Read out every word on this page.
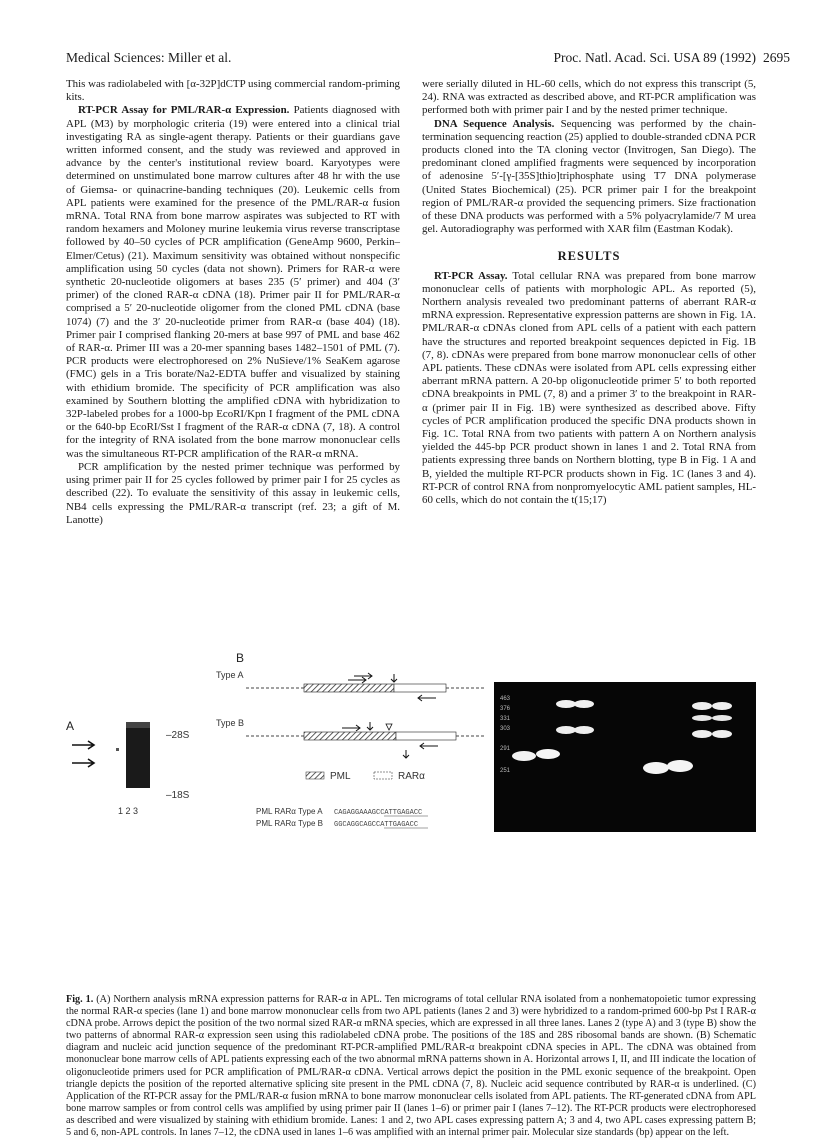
Medical Sciences: Miller et al.	Proc. Natl. Acad. Sci. USA 89 (1992) 2695

This was radiolabeled with [α-32P]dCTP using commercial random-priming kits.

RT-PCR Assay for PML/RAR-α Expression. Patients diagnosed with APL (M3) by morphologic criteria (19) were entered into a clinical trial investigating RA as single-agent therapy. Patients or their guardians gave written informed consent, and the study was reviewed and approved in advance by the center's institutional review board. Karyotypes were determined on unstimulated bone marrow cultures after 48 hr with the use of Giemsa- or quinacrine-banding techniques (20). Leukemic cells from APL patients were examined for the presence of the PML/RAR-α fusion mRNA. Total RNA from bone marrow aspirates was subjected to RT with random hexamers and Moloney murine leukemia virus reverse transcriptase followed by 40–50 cycles of PCR amplification (GeneAmp 9600, Perkin–Elmer/Cetus) (21). Maximum sensitivity was obtained without nonspecific amplification using 50 cycles (data not shown). Primers for RAR-α were synthetic 20-nucleotide oligomers at bases 235 (5′ primer) and 404 (3′ primer) of the cloned RAR-α cDNA (18). Primer pair II for PML/RAR-α comprised a 5′ 20-nucleotide oligomer from the cloned PML cDNA (base 1074) (7) and the 3′ 20-nucleotide primer from RAR-α (base 404) (18). Primer pair I comprised flanking 20-mers at base 997 of PML and base 462 of RAR-α. Primer III was a 20-mer spanning bases 1482–1501 of PML (7). PCR products were electrophoresed on 2% NuSieve/1% SeaKem agarose (FMC) gels in a Tris borate/Na2-EDTA buffer and visualized by staining with ethidium bromide. The specificity of PCR amplification was also examined by Southern blotting the amplified cDNA with hybridization to 32P-labeled probes for a 1000-bp EcoRI/Kpn I fragment of the PML cDNA or the 640-bp EcoRI/Sst I fragment of the RAR-α cDNA (7, 18). A control for the integrity of RNA isolated from the bone marrow mononuclear cells was the simultaneous RT-PCR amplification of the RAR-α mRNA.

PCR amplification by the nested primer technique was performed by using primer pair II for 25 cycles followed by primer pair I for 25 cycles as described (22). To evaluate the sensitivity of this assay in leukemic cells, NB4 cells expressing the PML/RAR-α transcript (ref. 23; a gift of M. Lanotte)

were serially diluted in HL-60 cells, which do not express this transcript (5, 24). RNA was extracted as described above, and RT-PCR amplification was performed both with primer pair I and by the nested primer technique.

DNA Sequence Analysis. Sequencing was performed by the chain-termination sequencing reaction (25) applied to double-stranded cDNA PCR products cloned into the TA cloning vector (Invitrogen, San Diego). The predominant cloned amplified fragments were sequenced by incorporation of adenosine 5′-[γ-[35S]thio]triphosphate using T7 DNA polymerase (United States Biochemical) (25). PCR primer pair I for the breakpoint region of PML/RAR-α provided the sequencing primers. Size fractionation of these DNA products was performed with a 5% polyacrylamide/7 M urea gel. Autoradiography was performed with XAR film (Eastman Kodak).

RESULTS

RT-PCR Assay. Total cellular RNA was prepared from bone marrow mononuclear cells of patients with morphologic APL. As reported (5), Northern analysis revealed two predominant patterns of aberrant RAR-α mRNA expression. Representative expression patterns are shown in Fig. 1A. PML/RAR-α cDNAs cloned from APL cells of a patient with each pattern have the structures and reported breakpoint sequences depicted in Fig. 1B (7, 8). cDNAs were prepared from bone marrow mononuclear cells of other APL patients. These cDNAs were isolated from APL cells expressing either aberrant mRNA pattern. A 20-bp oligonucleotide primer 5′ to both reported cDNA breakpoints in PML (7, 8) and a primer 3′ to the breakpoint in RAR-α (primer pair II in Fig. 1B) were synthesized as described above. Fifty cycles of PCR amplification produced the specific DNA products shown in Fig. 1C. Total RNA from two patients with pattern A on Northern analysis yielded the 445-bp PCR product shown in lanes 1 and 2. Total RNA from patients expressing three bands on Northern blotting, type B in Fig. 1 A and B, yielded the multiple RT-PCR products shown in Fig. 1C (lanes 3 and 4). RT-PCR of control RNA from nonpromyelocytic AML patient samples, HL-60 cells, which do not contain the t(15;17)

A
–28S
–18S
1 2 3
B
Type A
Type B
PML	RARα
PML RARα Type A CAGAGGAAAGCCATTGAGACC
PML RARα Type B GGCAGGCAGCCATTGAGACC
463
376
331
303
291
251
Fig. 1. (A) Northern analysis mRNA expression patterns for RAR-α in APL. Ten micrograms of total cellular RNA isolated from a nonhematopoietic tumor expressing the normal RAR-α species (lane 1) and bone marrow mononuclear cells from two APL patients (lanes 2 and 3) were hybridized to a random-primed 600-bp Pst I RAR-α cDNA probe. Arrows depict the position of the two normal sized RAR-α mRNA species, which are expressed in all three lanes. Lanes 2 (type A) and 3 (type B) show the two patterns of abnormal RAR-α expression seen using this radiolabeled cDNA probe. The positions of the 18S and 28S ribosomal bands are shown. (B) Schematic diagram and nucleic acid junction sequence of the predominant RT-PCR-amplified PML/RAR-α breakpoint cDNA species in APL. The cDNA was obtained from mononuclear bone marrow cells of APL patients expressing each of the two abnormal mRNA patterns shown in A. Horizontal arrows I, II, and III indicate the location of oligonucleotide primers used for PCR amplification of PML/RAR-α cDNA. Vertical arrows depict the position in the PML exonic sequence of the breakpoint. Open triangle depicts the position of the reported alternative splicing site present in the PML cDNA (7, 8). Nucleic acid sequence contributed by RAR-α is underlined. (C) Application of the RT-PCR assay for the PML/RAR-α fusion mRNA to bone marrow mononuclear cells isolated from APL patients. The RT-generated cDNA from APL bone marrow samples or from control cells was amplified by using primer pair II (lanes 1–6) or primer pair I (lanes 7–12). The RT-PCR products were electrophoresed as described and were visualized by staining with ethidium bromide. Lanes: 1 and 2, two APL cases expressing pattern A; 3 and 4, two APL cases expressing pattern B; 5 and 6, non-APL controls. In lanes 7–12, the cDNA used in lanes 1–6 was amplified with an internal primer pair. Molecular size standards (bp) appear on the left.
